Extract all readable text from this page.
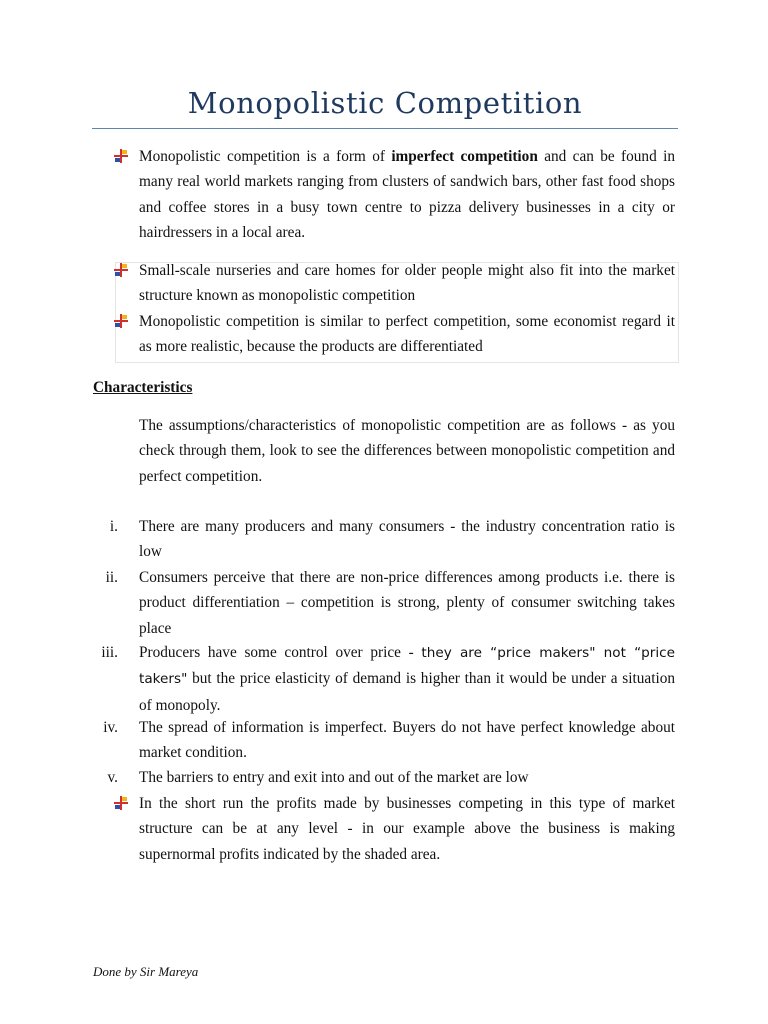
Monopolistic Competition
Monopolistic competition is a form of imperfect competition and can be found in many real world markets ranging from clusters of sandwich bars, other fast food shops and coffee stores in a busy town centre to pizza delivery businesses in a city or hairdressers in a local area.
Small-scale nurseries and care homes for older people might also fit into the market structure known as monopolistic competition
Monopolistic competition is similar to perfect competition, some economist regard it as more realistic, because the products are differentiated
Characteristics
The assumptions/characteristics of monopolistic competition are as follows - as you check through them, look to see the differences between monopolistic competition and perfect competition.
i. There are many producers and many consumers - the industry concentration ratio is low
ii. Consumers perceive that there are non-price differences among products i.e. there is product differentiation – competition is strong, plenty of consumer switching takes place
iii. Producers have some control over price - they are “price makers" not “price takers" but the price elasticity of demand is higher than it would be under a situation of monopoly.
iv. The spread of information is imperfect. Buyers do not have perfect knowledge about market condition.
v. The barriers to entry and exit into and out of the market are low
In the short run the profits made by businesses competing in this type of market structure can be at any level - in our example above the business is making supernormal profits indicated by the shaded area.
Done by Sir Mareya
